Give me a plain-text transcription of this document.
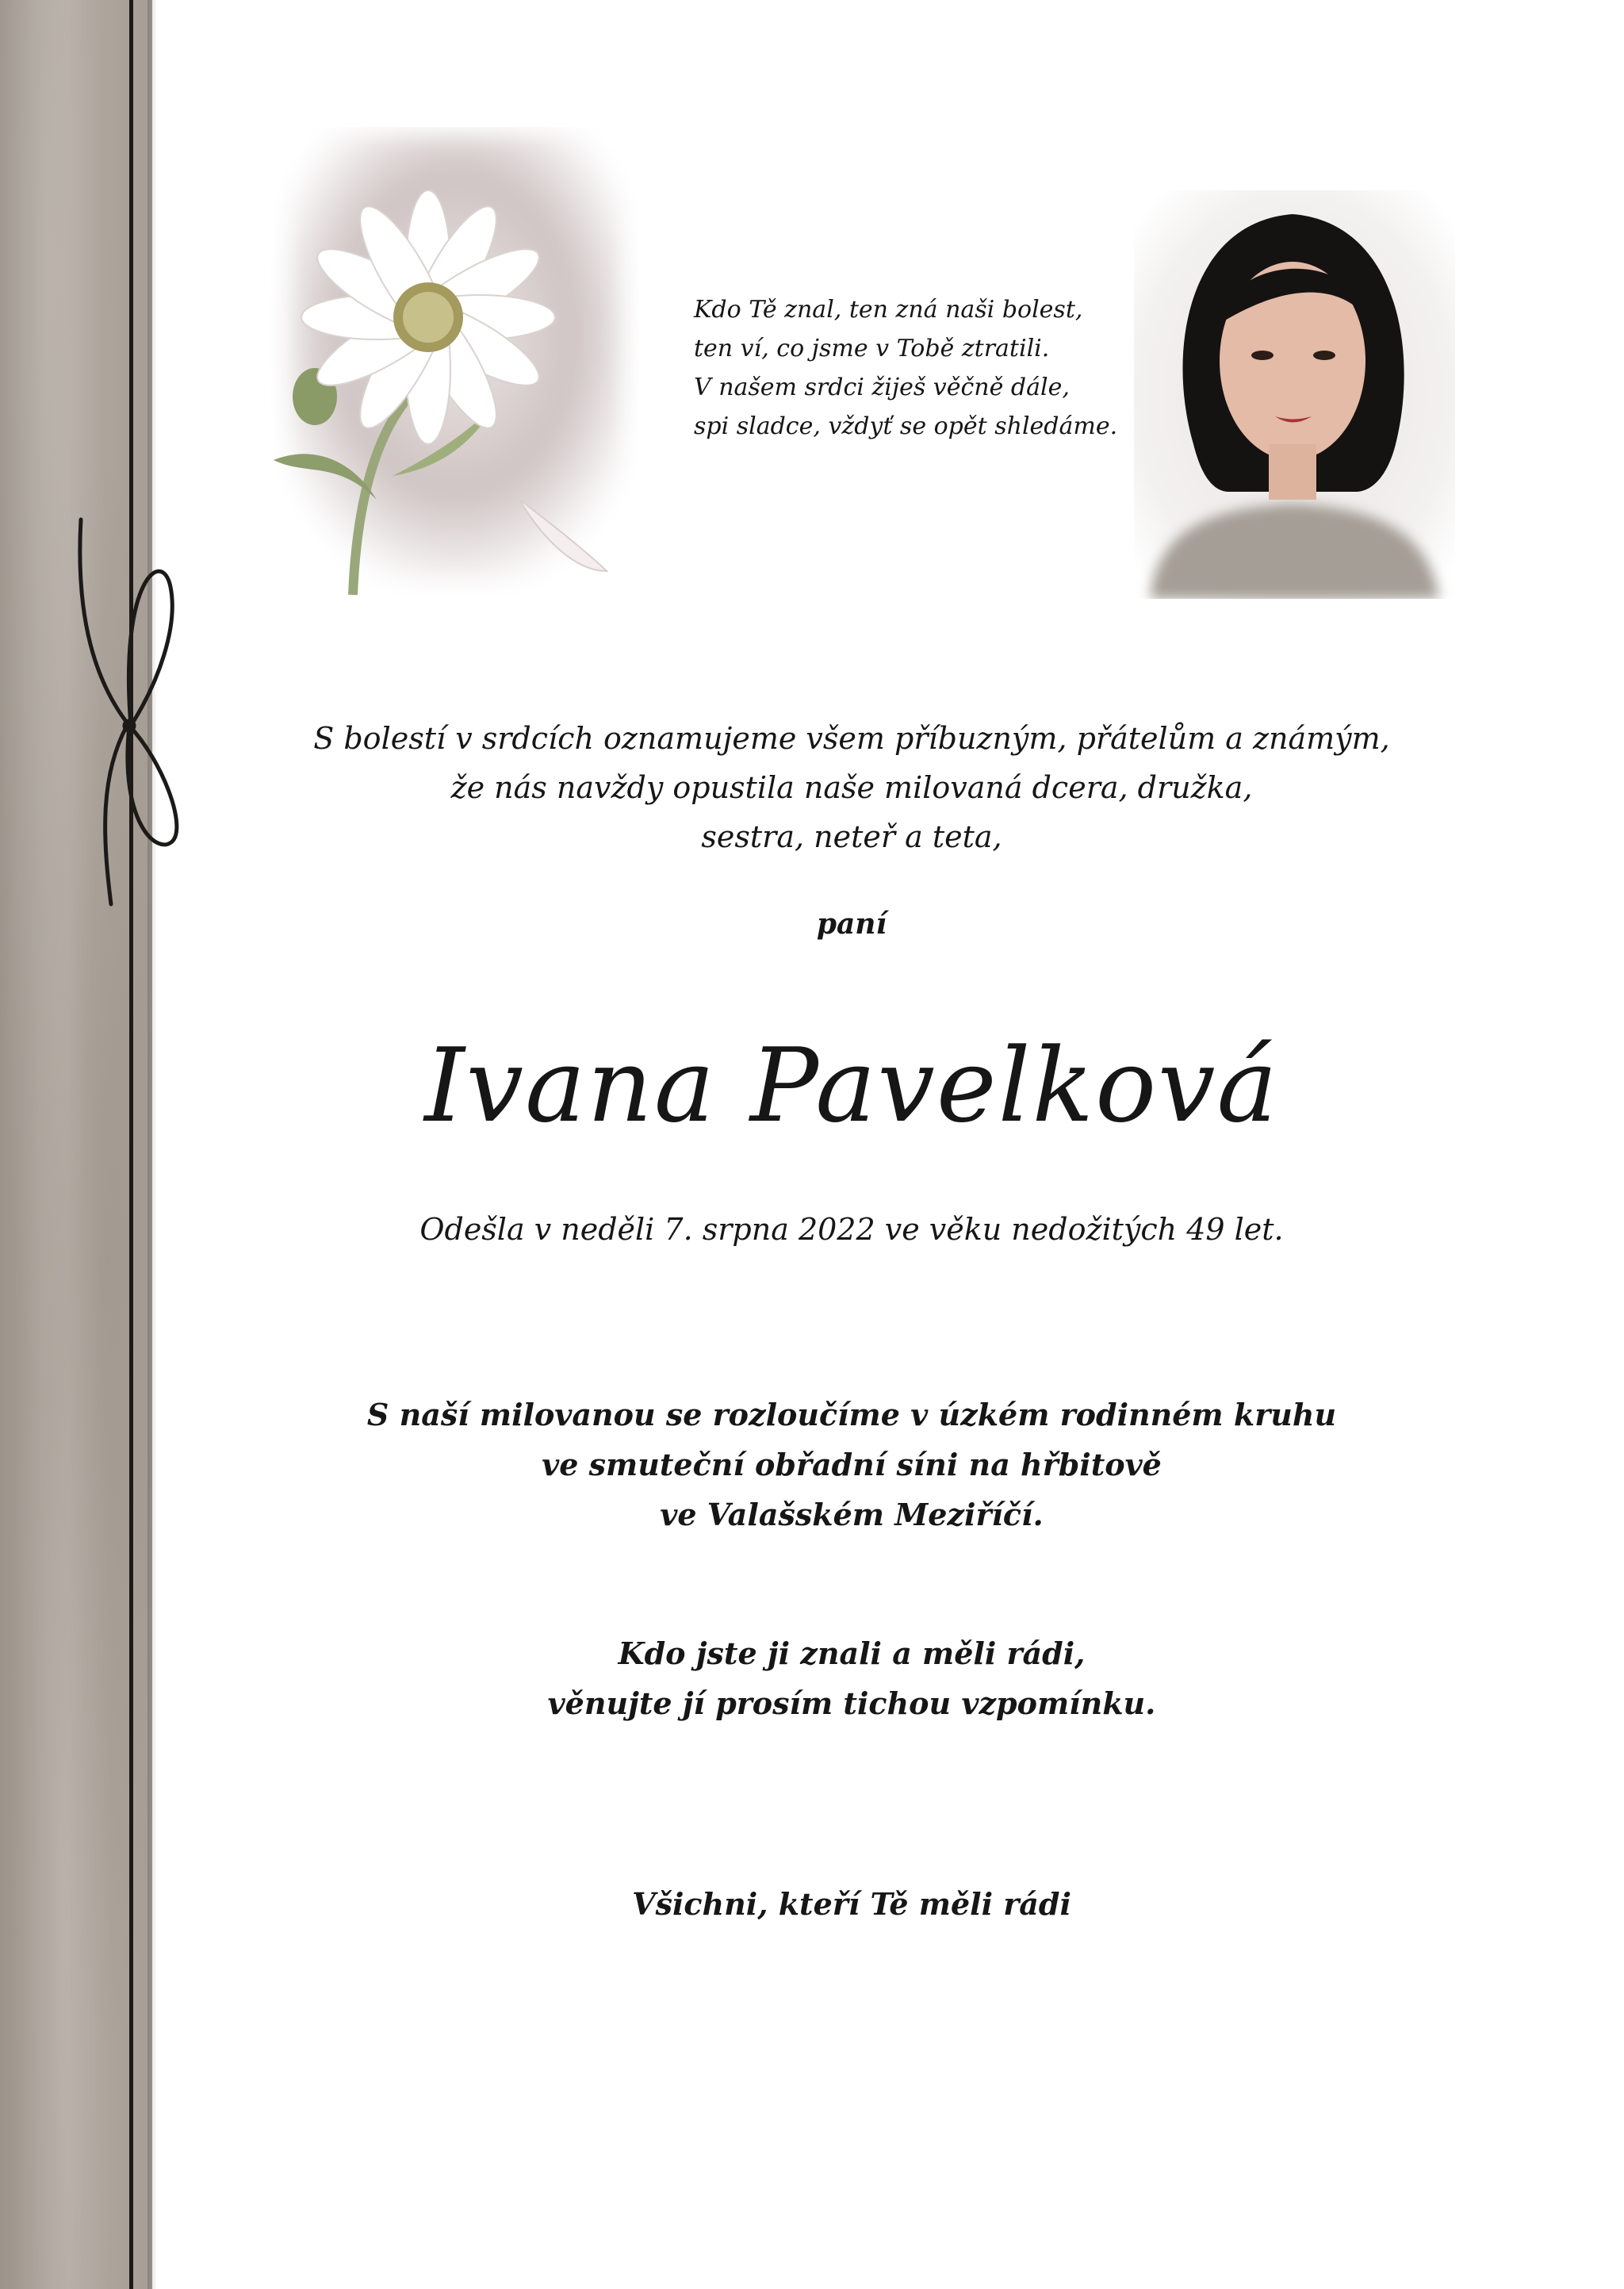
Kdo Tě znal, ten zná naši bolest,
ten ví, co jsme v Tobě ztratili.
V našem srdci žiješ věčně dále,
spi sladce, vždyť se opět shledáme.
S bolestí v srdcích oznamujeme všem příbuzným, přátelům a známým,
že nás navždy opustila naše milovaná dcera, družka,
sestra, neteř a teta,
paní
Ivana Pavelková
Odešla v neděli 7. srpna 2022 ve věku nedožitých 49 let.
S naší milovanou se rozloučíme v úzkém rodinném kruhu
ve smuteční obřadní síni na hřbitově
ve Valašském Meziříčí.
Kdo jste ji znali a měli rádi,
věnujte jí prosím tichou vzpomínku.
Všichni, kteří Tě měli rádi
